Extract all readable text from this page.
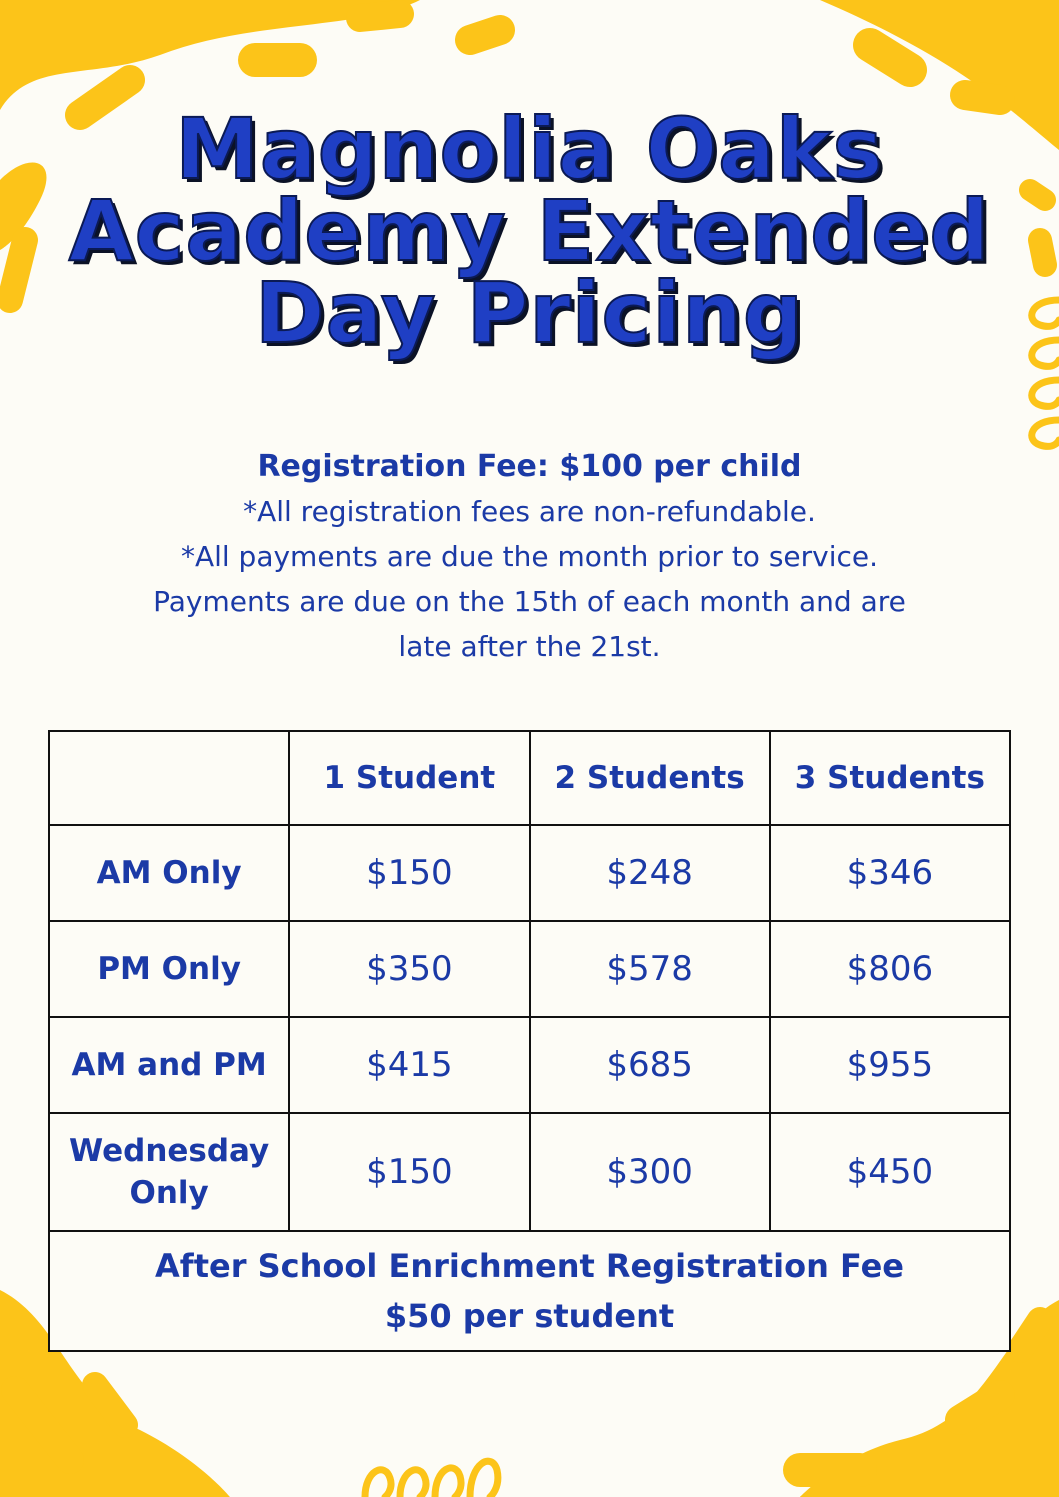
Magnolia Oaks
Academy Extended
Day Pricing
Registration Fee: $100 per child
*All registration fees are non-refundable.
*All payments are due the month prior to service.
Payments are due on the 15th of each month and are
late after the 21st.
	1 Student	2 Students	3 Students
AM Only	$150	$248	$346
PM Only	$350	$578	$806
AM and PM	$415	$685	$955

Wednesday
Only	$150	$300	$450

After School Enrichment Registration Fee
$50 per student			
